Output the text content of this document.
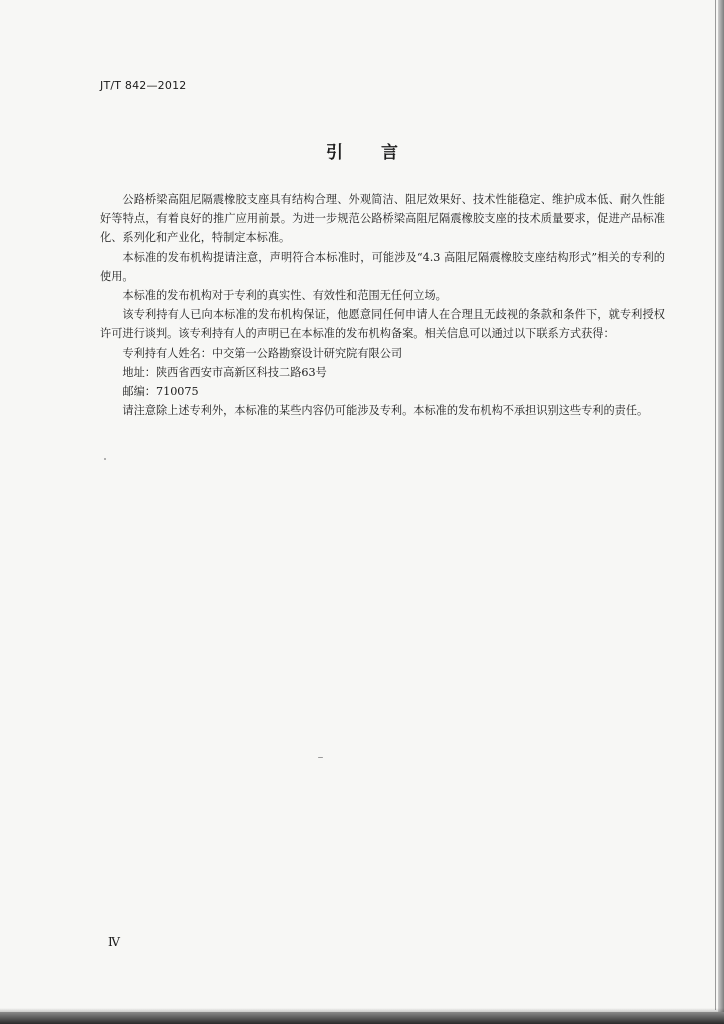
JT/T 842—2012
引言

公路桥梁高阻尼隔震橡胶支座具有结构合理、外观简洁、阻尼效果好、技术性能稳定、维护成本低、耐久性能好等特点，有着良好的推广应用前景。为进一步规范公路桥梁高阻尼隔震橡胶支座的技术质量要求，促进产品标准化、系列化和产业化，特制定本标准。

本标准的发布机构提请注意，声明符合本标准时，可能涉及“4.3 高阻尼隔震橡胶支座结构形式”相关的专利的使用。

本标准的发布机构对于专利的真实性、有效性和范围无任何立场。

该专利持有人已向本标准的发布机构保证，他愿意同任何申请人在合理且无歧视的条款和条件下，就专利授权许可进行谈判。该专利持有人的声明已在本标准的发布机构备案。相关信息可以通过以下联系方式获得：

专利持有人姓名：中交第一公路勘察设计研究院有限公司

地址：陕西省西安市高新区科技二路63号

邮编：710075

请注意除上述专利外，本标准的某些内容仍可能涉及专利。本标准的发布机构不承担识别这些专利的责任。

Ⅳ
